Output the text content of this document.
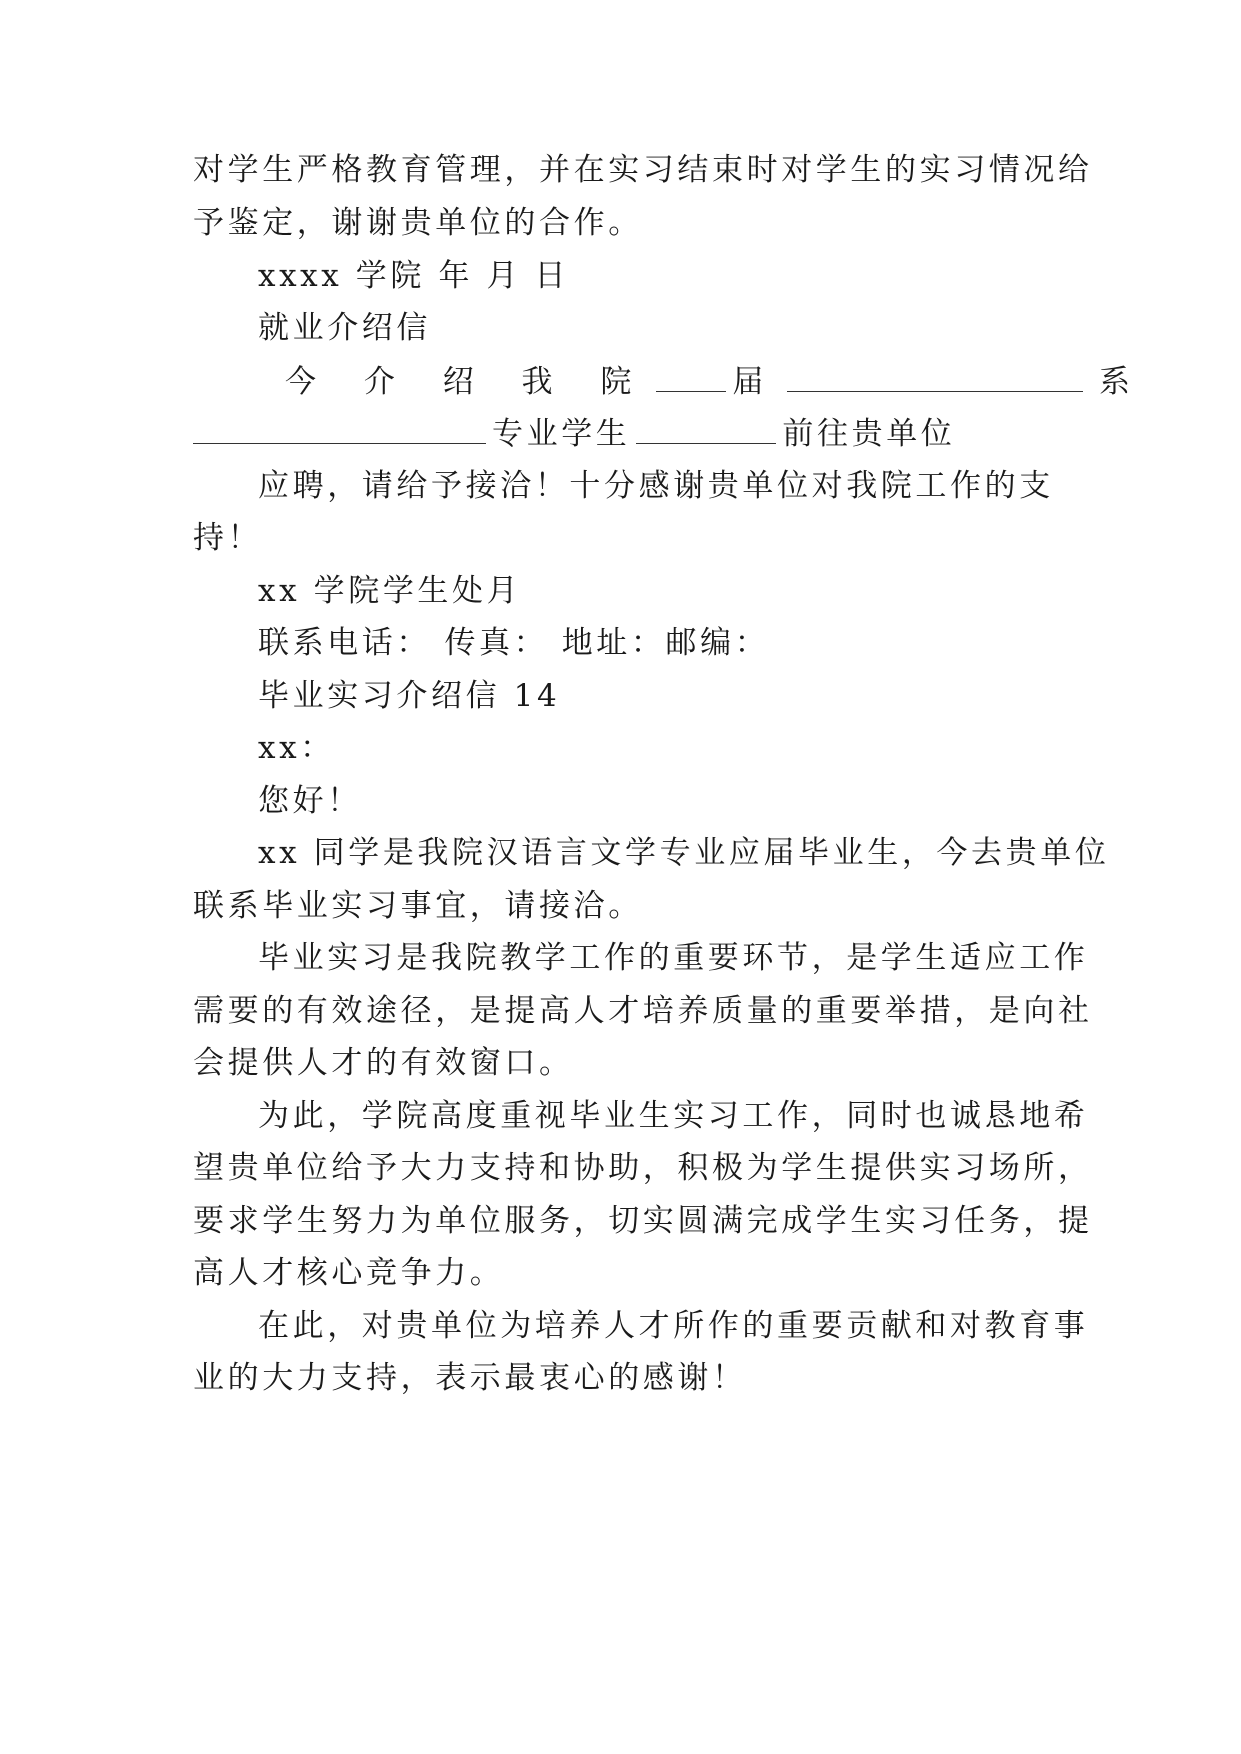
对学生严格教育管理，并在实习结束时对学生的实习情况给
予鉴定，谢谢贵单位的合作。
xxxx 学院 年 月 日
就业介绍信
今 介 绍 我 院	届	系
专业学生	前往贵单位
应聘，请给予接洽！十分感谢贵单位对我院工作的支
持！
xx 学院学生处月
联系电话： 传真： 地址：邮编：
毕业实习介绍信 14
xx：
您好！
xx 同学是我院汉语言文学专业应届毕业生，今去贵单位
联系毕业实习事宜，请接洽。
毕业实习是我院教学工作的重要环节，是学生适应工作
需要的有效途径，是提高人才培养质量的重要举措，是向社
会提供人才的有效窗口。
为此，学院高度重视毕业生实习工作，同时也诚恳地希
望贵单位给予大力支持和协助，积极为学生提供实习场所，
要求学生努力为单位服务，切实圆满完成学生实习任务，提
高人才核心竞争力。
在此，对贵单位为培养人才所作的重要贡献和对教育事
业的大力支持，表示最衷心的感谢！
